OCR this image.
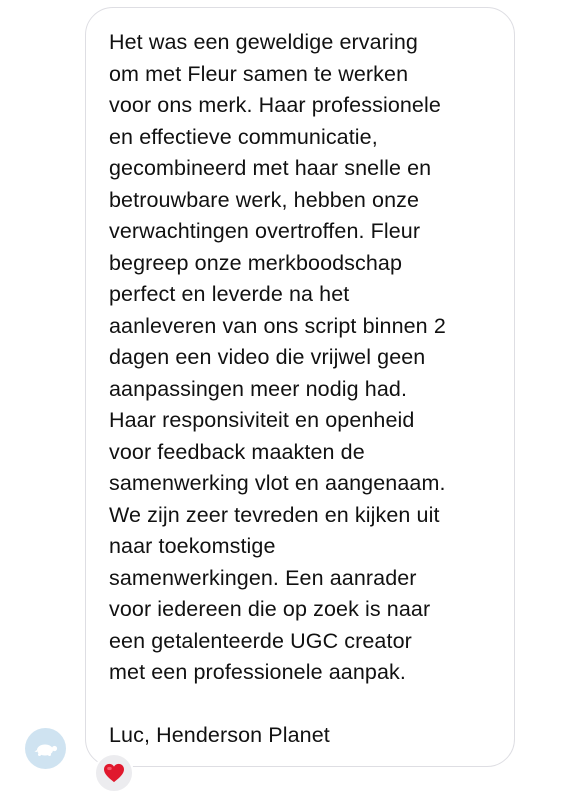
Het was een geweldige ervaring
om met Fleur samen te werken
voor ons merk. Haar professionele
en effectieve communicatie,
gecombineerd met haar snelle en
betrouwbare werk, hebben onze
verwachtingen overtroffen. Fleur
begreep onze merkboodschap
perfect en leverde na het
aanleveren van ons script binnen 2
dagen een video die vrijwel geen
aanpassingen meer nodig had.
Haar responsiviteit en openheid
voor feedback maakten de
samenwerking vlot en aangenaam.
We zijn zeer tevreden en kijken uit
naar toekomstige
samenwerkingen. Een aanrader
voor iedereen die op zoek is naar
een getalenteerde UGC creator
met een professionele aanpak.

Luc, Henderson Planet
